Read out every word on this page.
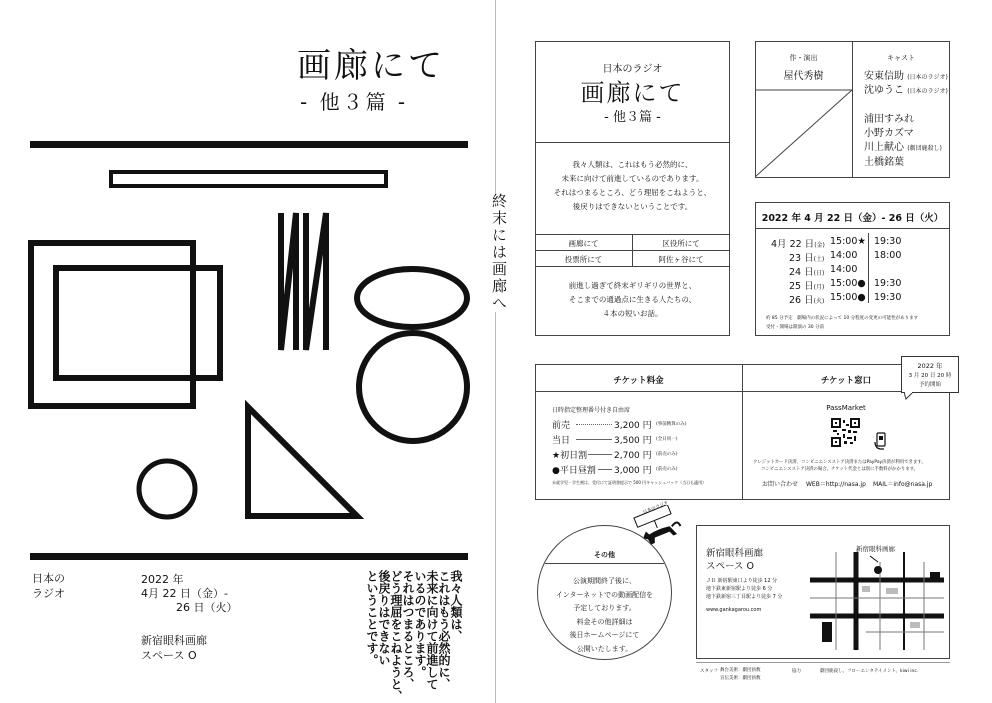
画廊にて
- 他３篇 -
日本の
ラジオ
2022 年
4月 22 日（金）-
26 日（火）
新宿眼科画廊
スペース O
我々人類は、
これはもう必然的に、
未来に向けて前進して
いるのであります。
それはつまるところ、
どう理屈をこねようと、
後戻りはできない
ということです。
終末には画廊へ
日本のラジオ
画廊にて
- 他３篇 -
我々人類は、これはもう必然的に、
未来に向けて前進しているのであります。
それはつまるところ、どう理屈をこねようと、
後戻りはできないということです。
画廊にて	区役所にて
投票所にて	阿佐ヶ谷にて
前進し過ぎて終末ギリギリの世界と、
そこまでの通過点に生きる人たちの、
４本の短いお話。
作・演出
屋代秀樹
キャスト
安東信助 (日本のラジオ)
沈ゆうこ (日本のラジオ)
浦田すみれ
小野カズマ
川上献心 (劇団鹿殺し)
土橋銘葉
2022 年 4 月 22 日（金）- 26 日（火）
4月 22 日(金) 15:00★ 19:30
23 日(土) 14:00 18:00
24 日(日) 14:00
25 日(月) 15:00● 19:30
26 日(火) 15:00● 19:30
約 85 分予定　劇場内の状況によって 10 分程度の変更の可能性があります
受付・開場は開演の 30 分前
チケット料金
日時指定整理番号付き自由席
前売	3,200 円 (事前精算のみ)
当日	3,500 円 (全日同一)
★初日割	2,700 円 (前売のみ)
●平日昼割 3,000 円 (前売のみ)
未就学児・学生割は、受付にて証明書提示で 500 円キャッシュバック（当日も適用）
チケット窓口
PassMarket
クレジットカード決済、コンビニエンスストア決済またはPayPay決済が利用できます。
コンビニエンスストア決済の場合、チケット代金とは別に手数料がかかります。
お問い合わせ WEB＝http://nasa.jp MAIL＝info@nasa.jp
2022 年
3 月 20 日 20 時
予約開始
その他
公演期間終了後に、
インターネットでの動画配信を
予定しております。
料金その他詳細は
後日ホームページにて
公開いたします。
日本のラジオ
新宿眼科画廊
スペース O
ＪＲ 新宿駅東口より徒歩 12 分
地下鉄東新宿駅より徒歩 6 分
地下鉄新宿三丁目駅より徒歩 7 分
www.gankagarou.com
新宿眼科画廊
スタッフ 舞台美術：劇団員数
宣伝美術：劇団員数
協力	劇団鹿殺し、フローエンタテイメント、kiwi inc.
